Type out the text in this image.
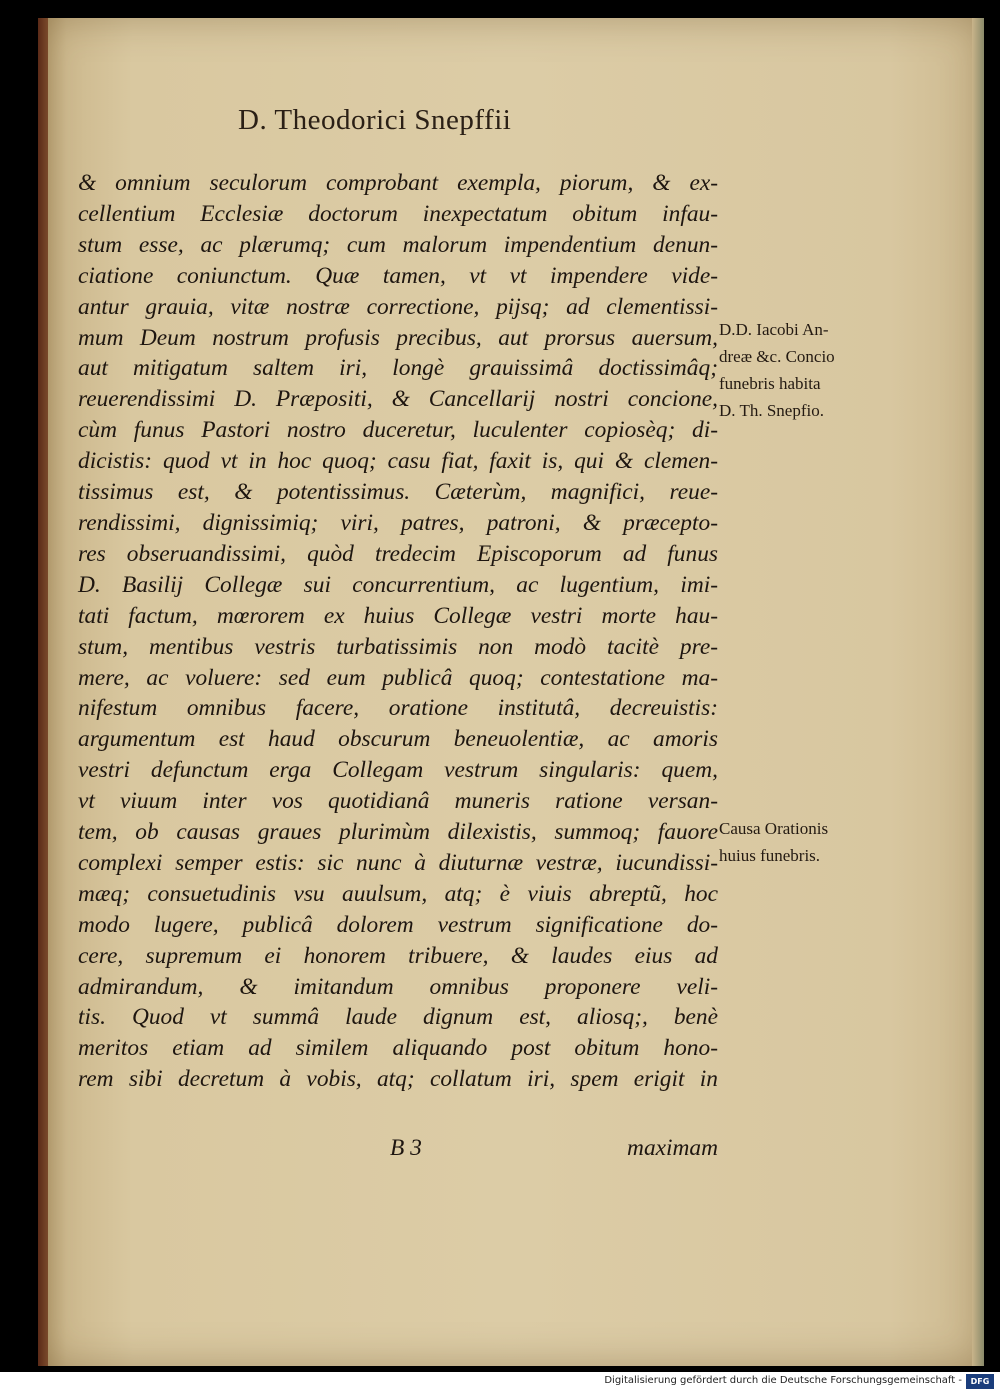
D. Theodorici Snepffii
& omnium seculorum comprobant exempla, piorum, & ex-
cellentium Ecclesiæ doctorum inexpectatum obitum infau-
stum esse, ac plærumq; cum malorum impendentium denun-
ciatione coniunctum. Quæ tamen, vt vt impendere vide-
antur grauia, vitæ nostræ correctione, pijsq; ad clementissi-
mum Deum nostrum profusis precibus, aut prorsus auersum,
aut mitigatum saltem iri, longè grauissimâ doctissimâq;
reuerendissimi D. Præpositi, & Cancellarij nostri concione,
cùm funus Pastori nostro duceretur, luculenter copiosèq; di-
dicistis: quod vt in hoc quoq; casu fiat, faxit is, qui & clemen-
tissimus est, & potentissimus. Cæterùm, magnifici, reue-
rendissimi, dignissimiq; viri, patres, patroni, & præcepto-
res obseruandissimi, quòd tredecim Episcoporum ad funus
D. Basilij Collegæ sui concurrentium, ac lugentium, imi-
tati factum, mœrorem ex huius Collegæ vestri morte hau-
stum, mentibus vestris turbatissimis non modò tacitè pre-
mere, ac voluere: sed eum publicâ quoq; contestatione ma-
nifestum omnibus facere, oratione institutâ, decreuistis:
argumentum est haud obscurum beneuolentiæ, ac amoris
vestri defunctum erga Collegam vestrum singularis: quem,
vt viuum inter vos quotidianâ muneris ratione versan-
tem, ob causas graues plurimùm dilexistis, summoq; fauore
complexi semper estis: sic nunc à diuturnæ vestræ, iucundissi-
mæq; consuetudinis vsu auulsum, atq; è viuis abreptũ, hoc
modo lugere, publicâ dolorem vestrum significatione do-
cere, supremum ei honorem tribuere, & laudes eius ad
admirandum, & imitandum omnibus proponere veli-
tis. Quod vt summâ laude dignum est, aliosq;, benè
meritos etiam ad similem aliquando post obitum hono-
rem sibi decretum à vobis, atq; collatum iri, spem erigit in
D.D. Iacobi An-
dreæ &c. Concio
funebris habita
D. Th. Snepfio.
Causa Orationis
huius funebris.
B 3	maximam
Digitalisierung gefördert durch die Deutsche Forschungsgemeinschaft -	DFG
